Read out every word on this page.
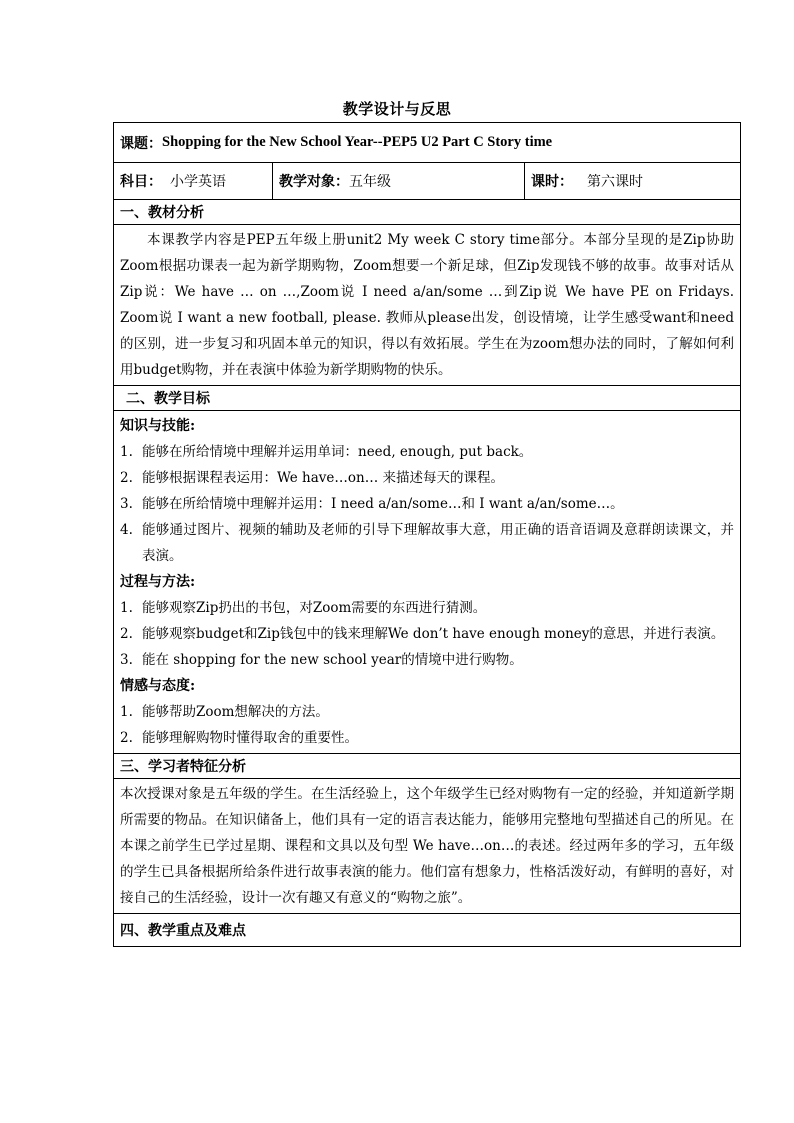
教学设计与反思
课题： Shopping for the New School Year--PEP5 U2 Part C Story time
科目： 小学英语	教学对象： 五年级	课时： 第六课时
一、教材分析
本课教学内容是PEP五年级上册unit2 My week C story time部分。本部分呈现的是Zip协助Zoom根据功课表一起为新学期购物，Zoom想要一个新足球，但Zip发现钱不够的故事。故事对话从Zip说：We have … on …,Zoom说 I need a/an/some …到Zip说 We have PE on Fridays. Zoom说 I want a new football, please. 教师从please出发，创设情境，让学生感受want和need的区别，进一步复习和巩固本单元的知识，得以有效拓展。学生在为zoom想办法的同时，了解如何利用budget购物，并在表演中体验为新学期购物的快乐。
二、教学目标
知识与技能:
1. 能够在所给情境中理解并运用单词：need, enough, put back。
2. 能够根据课程表运用：We have…on… 来描述每天的课程。
3. 能够在所给情境中理解并运用：I need a/an/some…和 I want a/an/some…。
4. 能够通过图片、视频的辅助及老师的引导下理解故事大意，用正确的语音语调及意群朗读课文，并表演。
过程与方法:
1. 能够观察Zip扔出的书包，对Zoom需要的东西进行猜测。
2. 能够观察budget和Zip钱包中的钱来理解We don’t have enough money的意思，并进行表演。
3. 能在 shopping for the new school year的情境中进行购物。
情感与态度:
1. 能够帮助Zoom想解决的方法。
2. 能够理解购物时懂得取舍的重要性。
三、学习者特征分析
本次授课对象是五年级的学生。在生活经验上，这个年级学生已经对购物有一定的经验，并知道新学期所需要的物品。在知识储备上，他们具有一定的语言表达能力，能够用完整地句型描述自己的所见。在本课之前学生已学过星期、课程和文具以及句型 We have…on…的表述。经过两年多的学习，五年级的学生已具备根据所给条件进行故事表演的能力。他们富有想象力，性格活泼好动，有鲜明的喜好，对接自己的生活经验，设计一次有趣又有意义的“购物之旅”。
四、教学重点及难点
